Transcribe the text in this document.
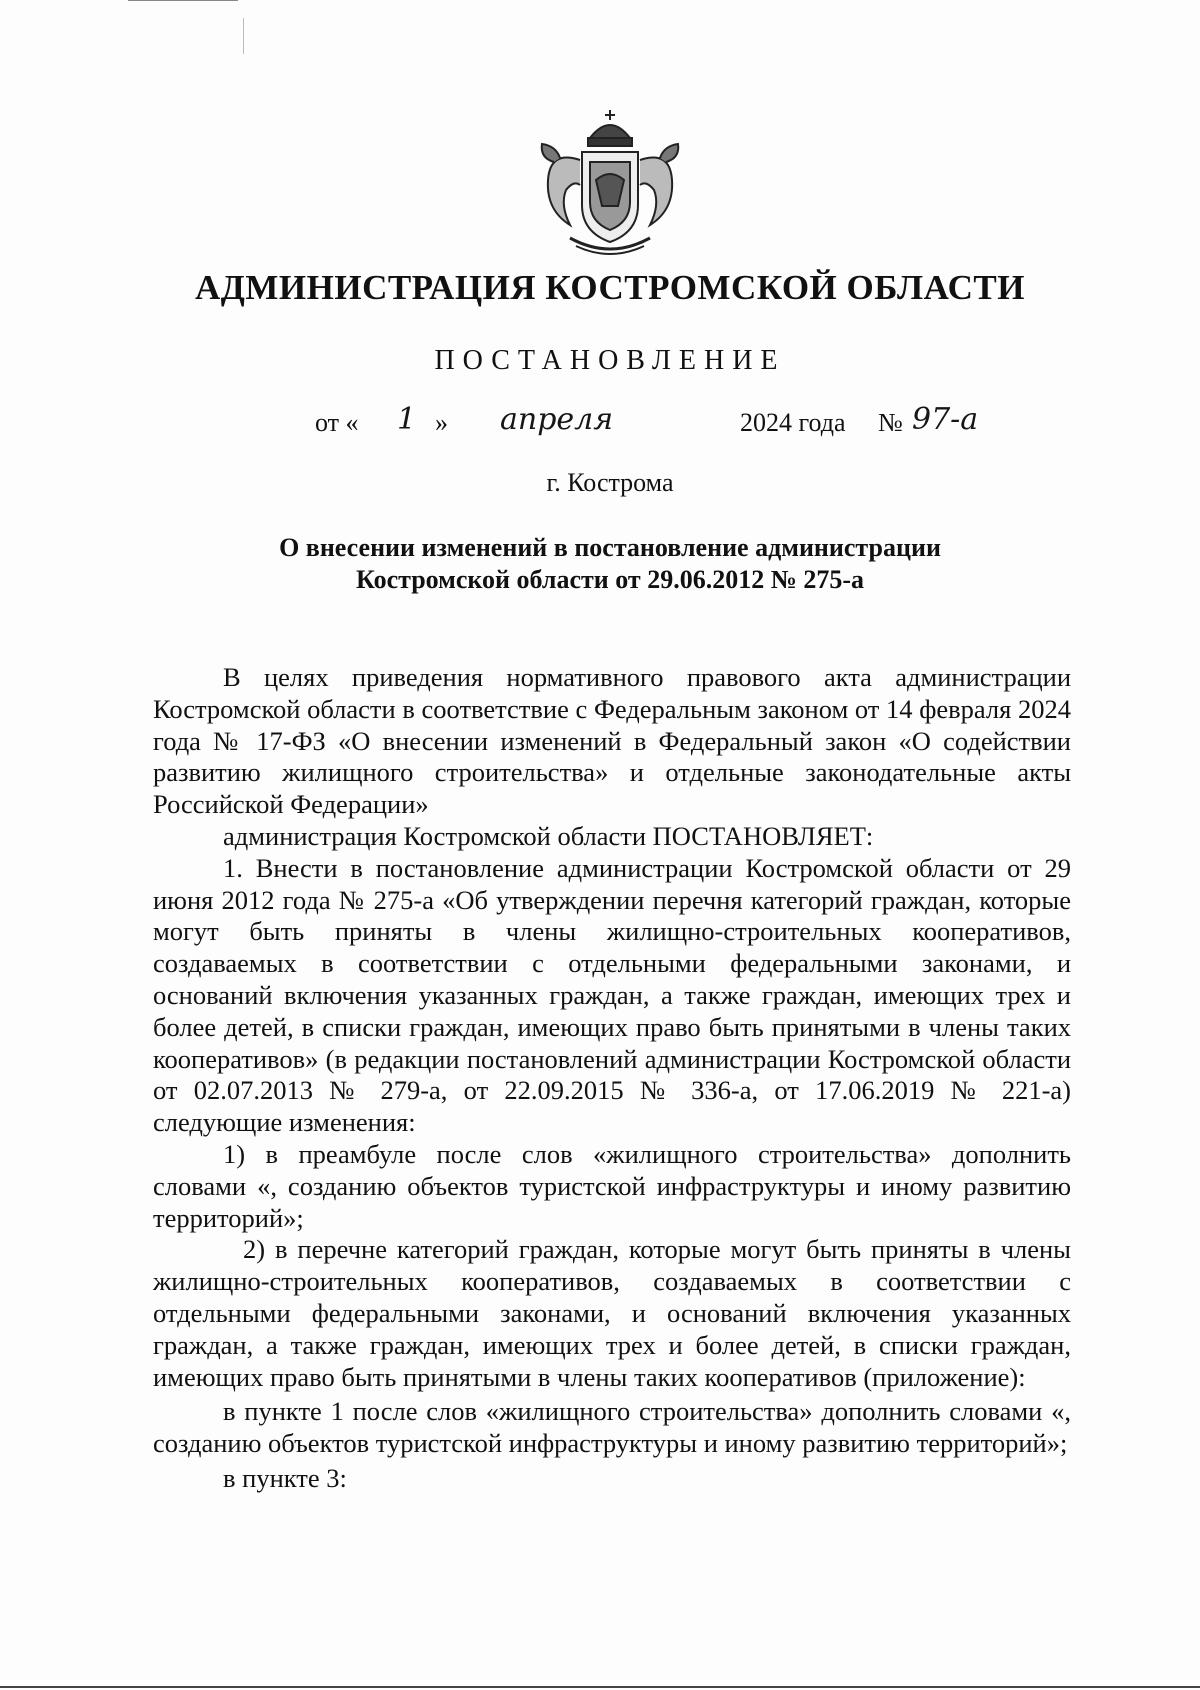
АДМИНИСТРАЦИЯ КОСТРОМСКОЙ ОБЛАСТИ
ПОСТАНОВЛЕНИЕ
от « 1 » апреля	2024 года № 97-а
г. Кострома
О внесении изменений в постановление администрации
Костромской области от 29.06.2012 № 275-а

В целях приведения нормативного правового акта администрации Костромской области в соответствие с Федеральным законом от 14 февраля 2024 года № 17-ФЗ «О внесении изменений в Федеральный закон «О содействии развитию жилищного строительства» и отдельные законодательные акты Российской Федерации»

администрация Костромской области ПОСТАНОВЛЯЕТ:

1. Внести в постановление администрации Костромской области от 29 июня 2012 года № 275-а «Об утверждении перечня категорий граждан, которые могут быть приняты в члены жилищно-строительных кооперативов, создаваемых в соответствии с отдельными федеральными законами, и оснований включения указанных граждан, а также граждан, имеющих трех и более детей, в списки граждан, имеющих право быть принятыми в члены таких кооперативов» (в редакции постановлений администрации Костромской области от 02.07.2013 № 279-а, от 22.09.2015 № 336-а, от 17.06.2019 № 221-а) следующие изменения:

1) в преамбуле после слов «жилищного строительства» дополнить словами «, созданию объектов туристской инфраструктуры и иному развитию территорий»;

2) в перечне категорий граждан, которые могут быть приняты в члены жилищно-строительных кооперативов, создаваемых в соответствии с отдельными федеральными законами, и оснований включения указанных граждан, а также граждан, имеющих трех и более детей, в списки граждан, имеющих право быть принятыми в члены таких кооперативов (приложение):

в пункте 1 после слов «жилищного строительства» дополнить словами «, созданию объектов туристской инфраструктуры и иному развитию территорий»;

в пункте 3:
